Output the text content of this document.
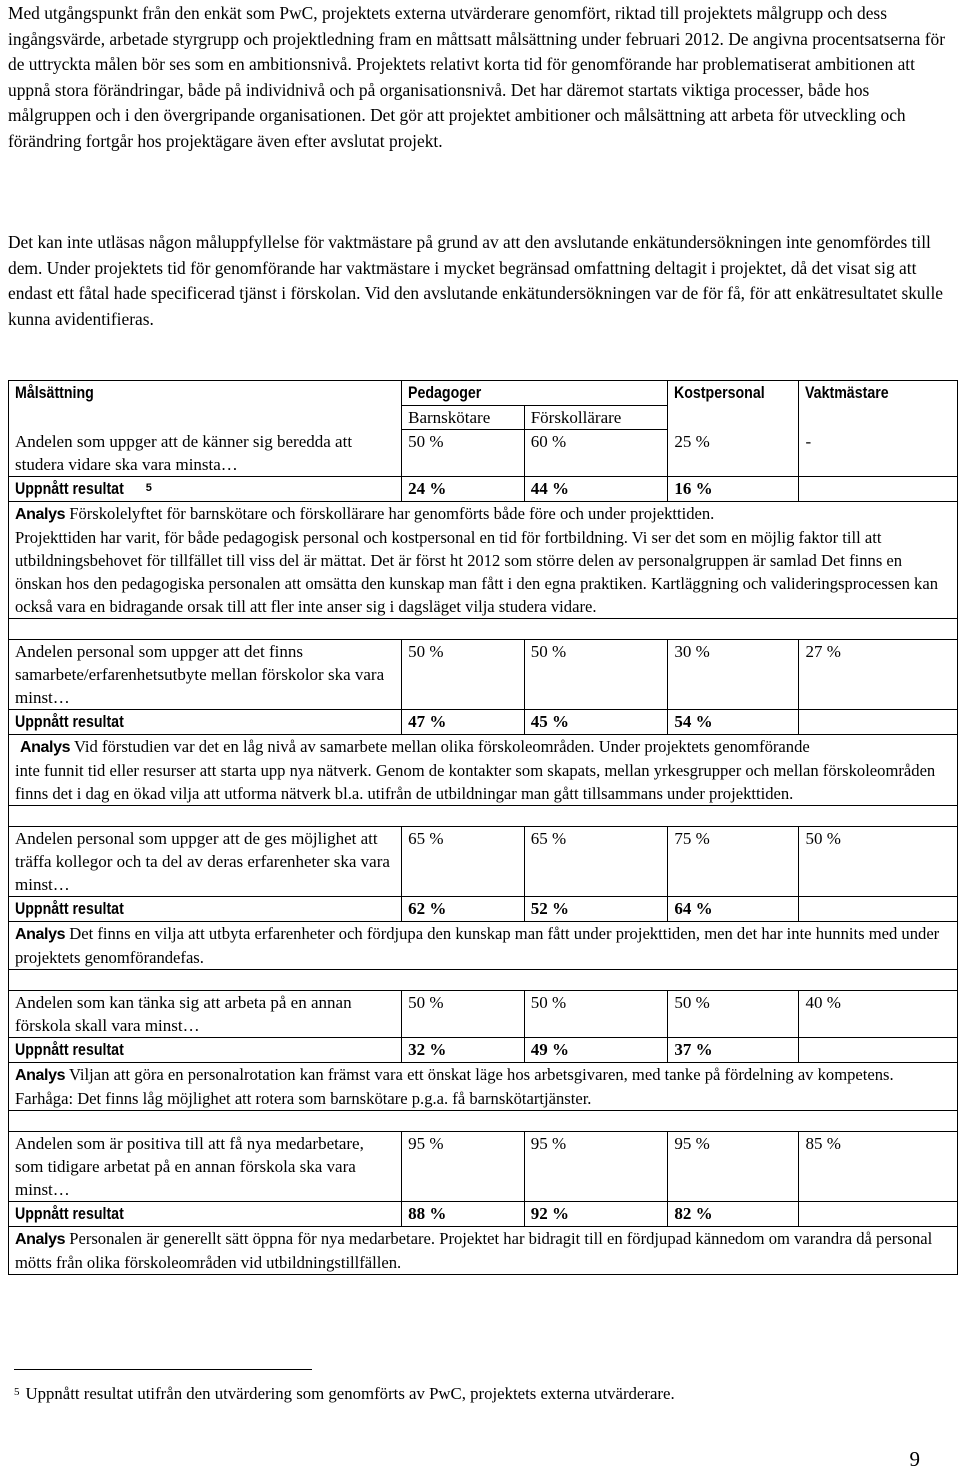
Med utgångspunkt från den enkät som PwC, projektets externa utvärderare genomfört, riktad till projektets målgrupp och dess ingångsvärde, arbetade styrgrupp och projektledning fram en måttsatt målsättning under februari 2012. De angivna procentsatserna för de uttryckta målen bör ses som en ambitionsnivå. Projektets relativt korta tid för genomförande har problematiserat ambitionen att uppnå stora förändringar, både på individnivå och på organisationsnivå. Det har däremot startats viktiga processer, både hos målgruppen och i den övergripande organisationen. Det gör att projektet ambitioner och målsättning att arbeta för utveckling och förändring fortgår hos projektägare även efter avslutat projekt.

Det kan inte utläsas någon måluppfyllelse för vaktmästare på grund av att den avslutande enkätundersökningen inte genomfördes till dem. Under projektets tid för genomförande har vaktmästare i mycket begränsad omfattning deltagit i projektet, då det visat sig att endast ett fåtal hade specificerad tjänst i förskolan. Vid den avslutande enkätundersökningen var de för få, för att enkätresultatet skulle kunna avidentifieras.

Målsättning	Pedagoger		Kostpersonal	Vaktmästare
	Barnskötare	Förskollärare		
Andelen som uppger att de känner sig beredda att studera vidare ska vara minsta…	50 %	60 %	25 %	-
Uppnått resultat $^5$	24 %	44 %	16 %	
Analys Förskolelyftet för barnskötare och förskollärare har genomförts både före och under projekttiden.
Projekttiden har varit, för både pedagogisk personal och kostpersonal en tid för fortbildning. Vi ser det som en möjlig faktor till att utbildningsbehovet för tillfället till viss del är mättat. Det är först ht 2012 som större delen av personalgruppen är samlad Det finns en önskan hos den pedagogiska personalen att omsätta den kunskap man fått i den egna praktiken. Kartläggning och valideringsprocessen kan också vara en bidragande orsak till att fler inte anser sig i dagsläget vilja studera vidare.				

Andelen personal som uppger att det finns samarbete/erfarenhetsutbyte mellan förskolor ska vara minst…	50 %	50 %	30 %	27 %
Uppnått resultat	47 %	45 %	54 %	

Analys Vid förstudien var det en låg nivå av samarbete mellan olika förskoleområden. Under projektets genomförande
inte funnit tid eller resurser att starta upp nya nätverk. Genom de kontakter som skapats, mellan yrkesgrupper och mellan förskoleområden finns det i dag en ökad vilja att utforma nätverk bl.a. utifrån de utbildningar man gått tillsammans under projekttiden.				

Andelen personal som uppger att de ges möjlighet att träffa kollegor och ta del av deras erfarenheter ska vara minst…	65 %	65 %	75 %	50 %
Uppnått resultat	62 %	52 %	64 %	
Analys Det finns en vilja att utbyta erfarenheter och fördjupa den kunskap man fått under projekttiden, men det har inte hunnits med under projektets genomförandefas.				

Andelen som kan tänka sig att arbeta på en annan förskola skall vara minst…	50 %	50 %	50 %	40 %
Uppnått resultat	32 %	49 %	37 %	
Analys Viljan att göra en personalrotation kan främst vara ett önskat läge hos arbetsgivaren, med tanke på fördelning av kompetens. Farhåga: Det finns låg möjlighet att rotera som barnskötare p.g.a. få barnskötartjänster.				

Andelen som är positiva till att få nya medarbetare, som tidigare arbetat på en annan förskola ska vara minst…	95 %	95 %	95 %	85 %
Uppnått resultat	88 %	92 %	82 %	
Analys Personalen är generellt sätt öppna för nya medarbetare. Projektet har bidragit till en fördjupad kännedom om varandra då personal mötts från olika förskoleområden vid utbildningstillfällen.				
$^5$ Uppnått resultat utifrån den utvärdering som genomförts av PwC, projektets externa utvärderare.
9
